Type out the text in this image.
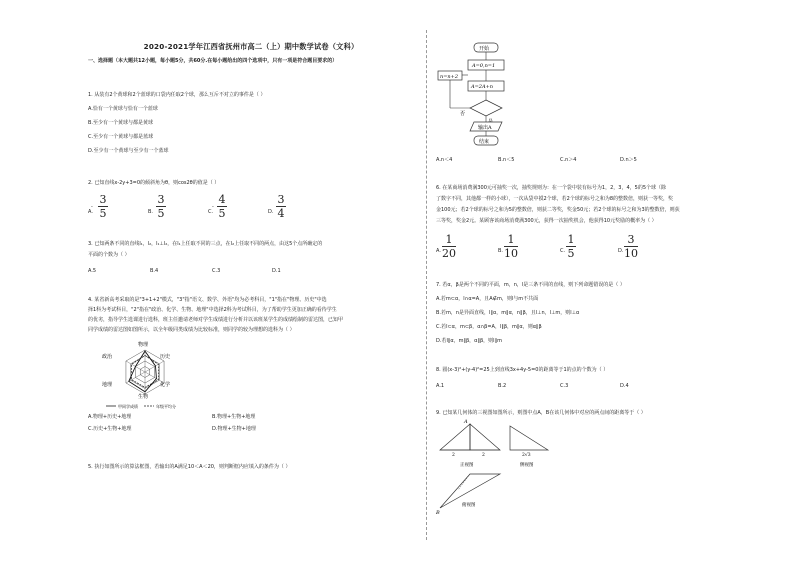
2020-2021学年江西省抚州市高二（上）期中数学试卷（文科）
一、选择题（本大题共12小题，每小题5分，共60分.在每小题给出的四个选项中，只有一项是符合题目要求的）
1. 从装有2个黄球和2个蓝球的口袋内任取2个球，那么互斥不对立的事件是（ ）
A.恰有一个黄球与恰有一个蓝球
B.至少有一个黄球与都是黄球
C.至少有一个黄球与都是蓝球
D.至少有一个黄球与至少有一个蓝球
2. 已知直线x-2y+3=0的倾斜角为θ，则cos2θ的值是（ ）
A.
-
3
5	B.
3
5	C.
-
4
5	D.
3
4
3. 已知两条不同的直线l₁，l₂，l₁⊥l₂，在l₁上任取不同的三点，在l₂上任取不同的两点，由这5个点所确定的
平面的个数为（ ）
A.5	B.4	C.3	D.1
4. 某省新高考采取的是"3+1+2"模式，"3"指"语文、数学、外语"均为必考科目，"1"指在"物理、历史"中选
择1科为考试科目，"2"指在"政治、化学、生物、地理"中选择2科为考试科目，为了帮助学生更加正确的看待学生
的优劣，指导学生选课进行选科，班主任邀请老师对学生成绩进行分析并以该班某学生的成绩绘制的雷达图，已知甲
同学成绩的雷达图如图所示，以全年级同类成绩为比较标准，则同学的较为理想的选科为（ ）
物理
历史
化学
生物
地理
政治
甲同学成绩	年级平均分
A.物理+历史+地理	B.物理+生物+地理
C.历史+生物+地理	D.物理+生物+地理
5. 执行如图所示的算法框图，若输出的A满足10＜A＜20，则判断框内应填入的条件为（ ）
开始
A=0,n=1
n=n+2
A=2A+n
否
输出A
结束
A.n＜4	B.n＜5	C.n＞4	D.n＞5
6. 在某商场消费满300元可抽奖一次，抽奖规则为：在一个袋中装有标号为1，2，3，4，5的5个球（除
了数字不同，其他都一样的小球），一次从袋中摸2个球，若2个球的标号之和为8的整数倍，则获一等奖，奖
金100元；若2个球的标号之和为5的整数倍，则获二等奖，奖金50元；若2个球的标号之和为3的整数倍，则获
三等奖，奖金2元。某顾客该商场消费满300元，获得一次抽奖机会，他获得10元奖励的概率为（ ）
A.
1
20	B.
1
10	C.
1
5	D.
3
10
7. 若α，β是两个不同的平面，m，n，l是三条不同的直线，则下列命题错误的是（ ）
A.若m⊂α，l∩α=A，且A∉m，则l与m不共面
B.若m，n是异面直线，l∥α，m∥α，n∥β，且l⊥n，l⊥m，则l⊥α
C.若l⊂α，m⊂β，α∩β=A，l∥β，m∥α，则α∥β
D.若l∥α，m∥β，α∥β，则l∥m
8. 圆(x-3)²+(y-4)²=25上到直线3x+4y-5=0的距离等于1的点的个数为（ ）
A.1	B.2	C.3	D.4
9. 已知某几何体的三视图如图所示，则图中点A，B在该几何体中对应的两点间的距离等于（ ）
A
2	2
正视图
2√3
侧视图
B
俯视图
